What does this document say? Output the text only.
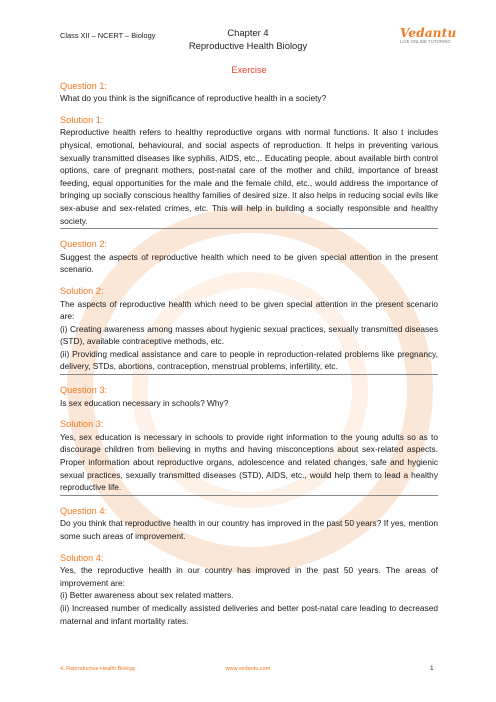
Class XII – NCERT – Biology	Chapter 4
Reproductive Health Biology
Vedantu
LIVE ONLINE TUTORING
Exercise

Question 1:

What do you think is the significance of reproductive health in a society?

Solution 1:

Reproductive health refers to healthy reproductive organs with normal functions. It also t includes physical, emotional, behavioural, and social aspects of reproduction. It helps in preventing various sexually transmitted diseases like syphilis, AIDS, etc.,. Educating people, about available birth control options, care of pregnant mothers, post-natal care of the mother and child, importance of breast feeding, equal opportunities for the male and the female child, etc., would address the importance of bringing up socially conscious healthy families of desired size. It also helps in reducing social evils like sex-abuse and sex-related crimes, etc. This will help in building a socially responsible and healthy society.

Question 2:

Suggest the aspects of reproductive health which need to be given special attention in the present scenario.

Solution 2:

The aspects of reproductive health which need to be given special attention in the present scenario are:

(i) Creating awareness among masses about hygienic sexual practices, sexually transmitted diseases (STD), available contraceptive methods, etc.

(ii) Providing medical assistance and care to people in reproduction-related problems like pregnancy, delivery, STDs, abortions, contraception, menstrual problems, infertility, etc.

Question 3:

Is sex education necessary in schools? Why?

Solution 3:

Yes, sex education is necessary in schools to provide right information to the young adults so as to discourage children from believing in myths and having misconceptions about sex-related aspects. Proper information about reproductive organs, adolescence and related changes, safe and hygienic sexual practices, sexually transmitted diseases (STD), AIDS, etc., would help them to lead a healthy reproductive life.

Question 4:

Do you think that reproductive health in our country has improved in the past 50 years? If yes, mention some such areas of improvement.

Solution 4:

Yes, the reproductive health in our country has improved in the past 50 years. The areas of improvement are:

(i) Better awareness about sex related matters.

(ii) Increased number of medically assisted deliveries and better post-natal care leading to decreased maternal and infant mortality rates.

4. Reproductive Health Biology	www.vedantu.com	1
